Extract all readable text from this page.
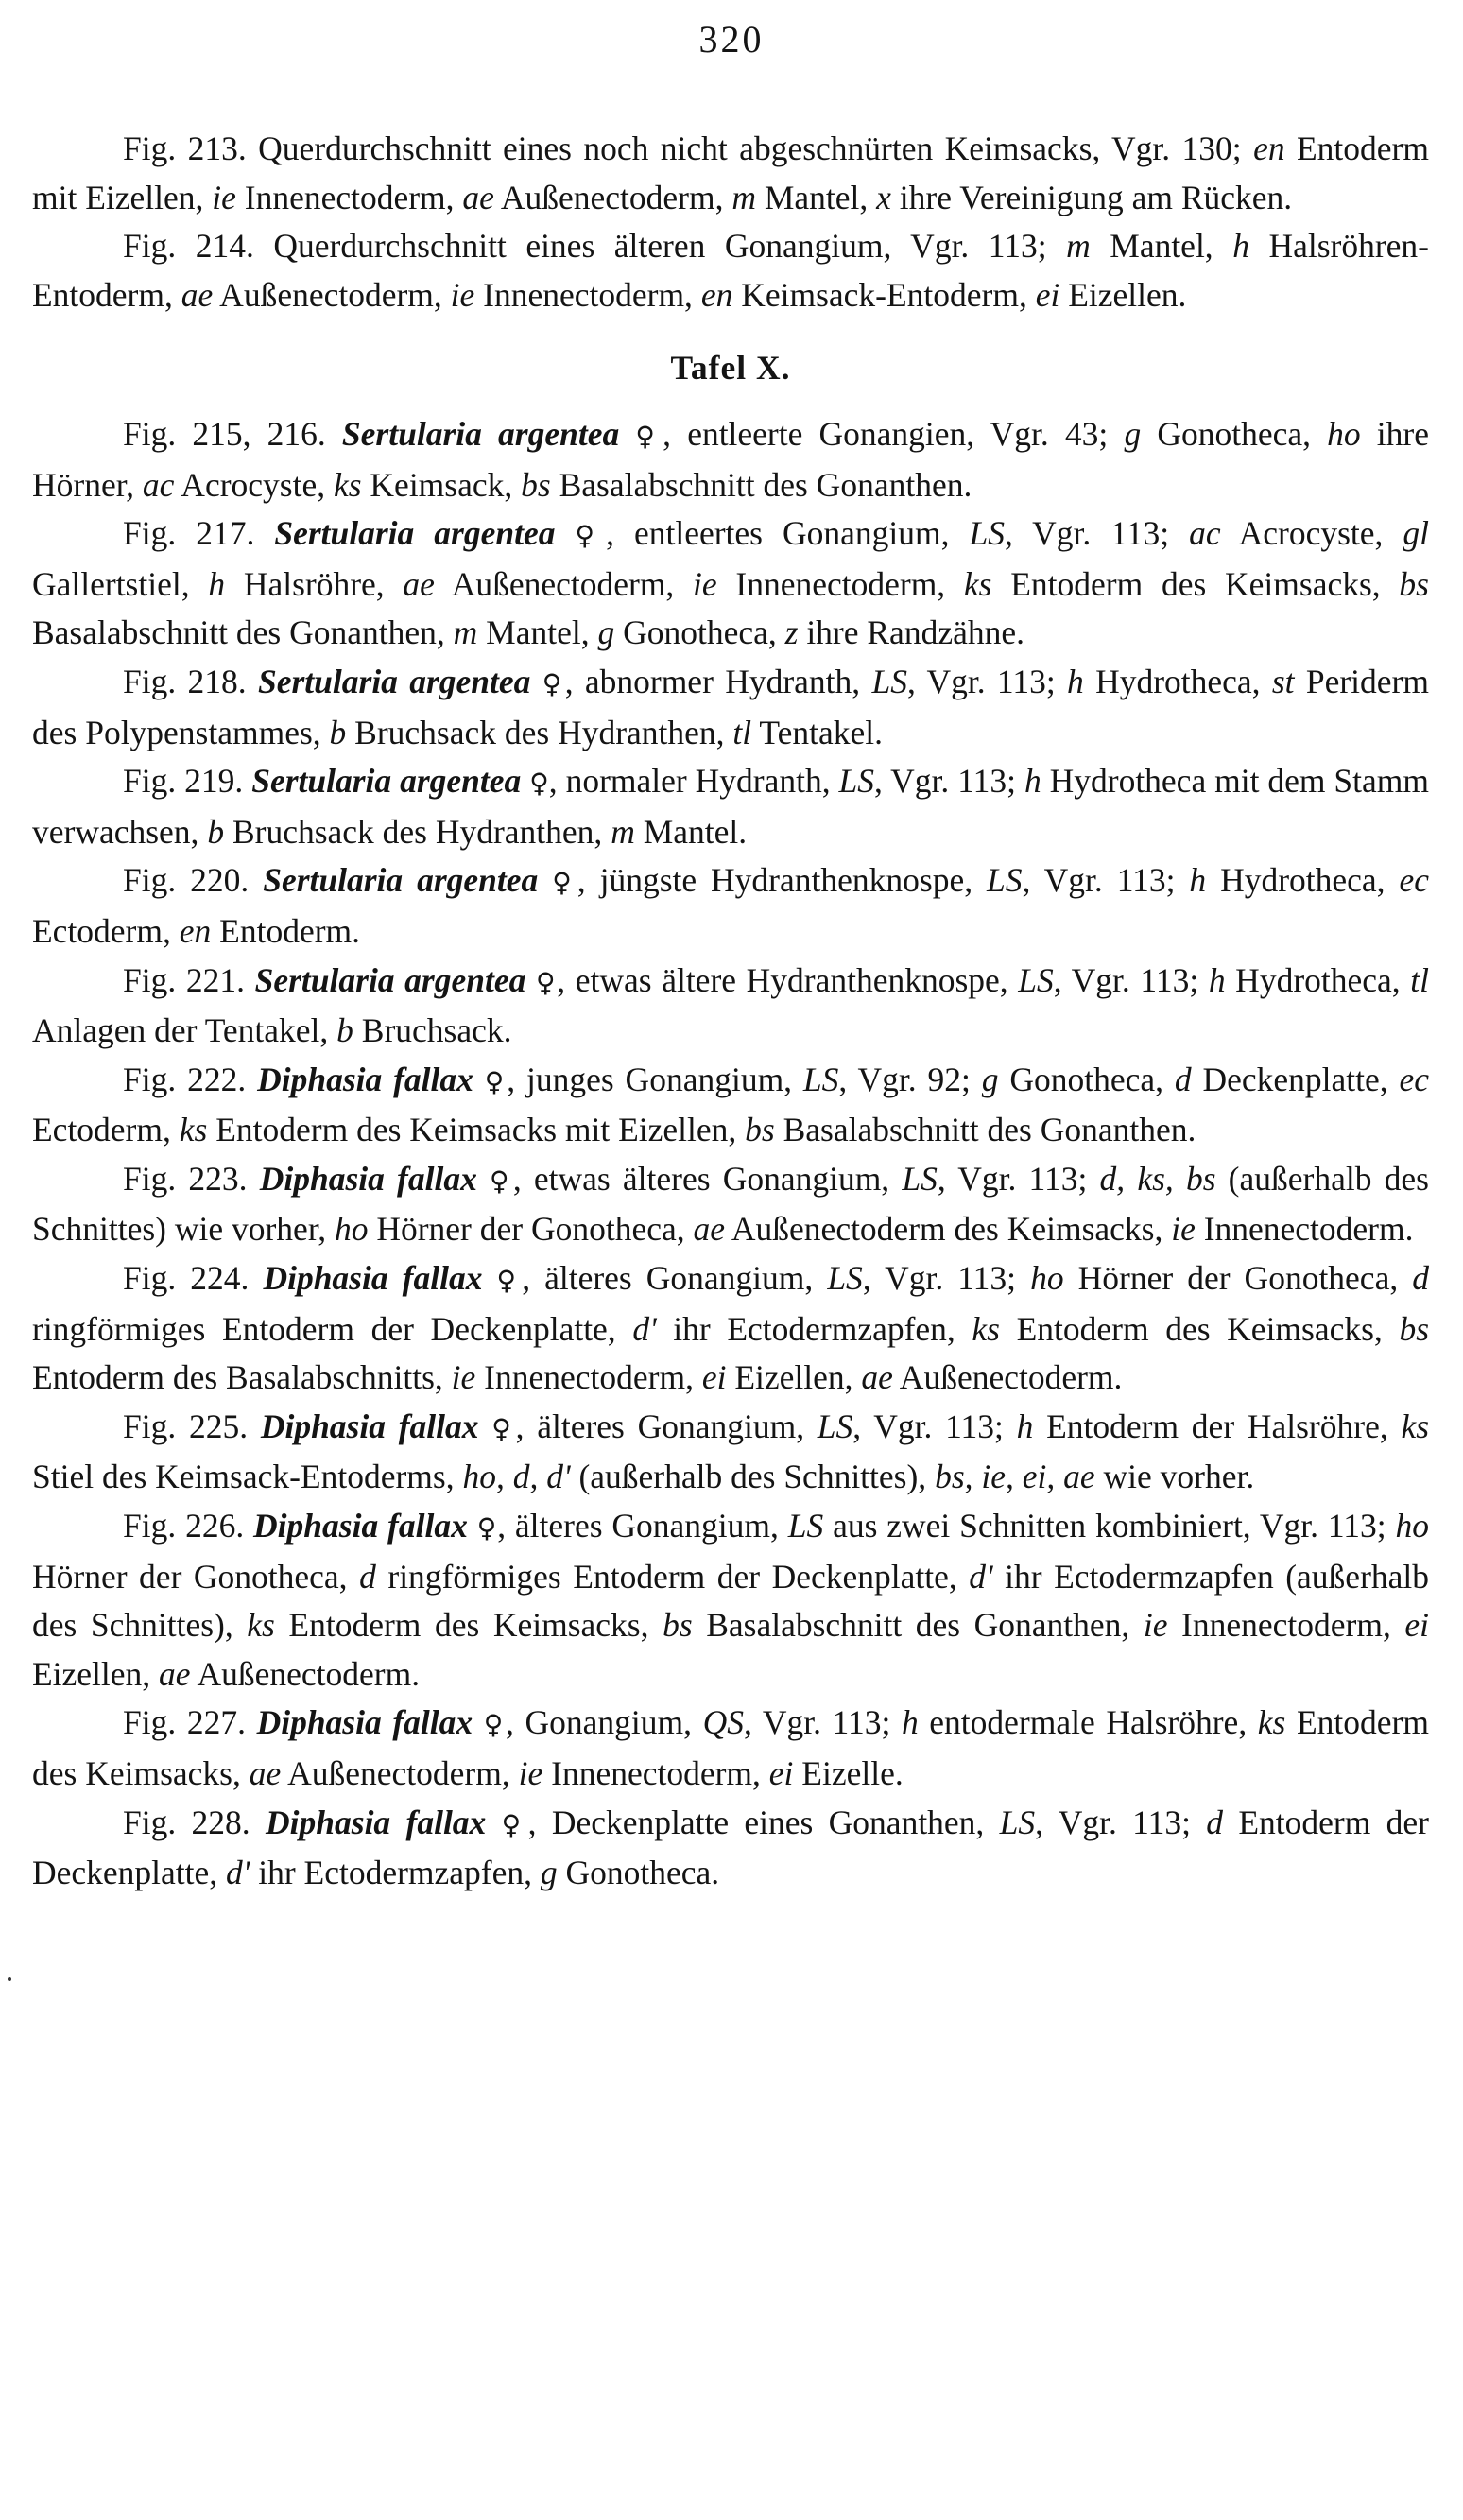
320

Fig. 213. Querdurchschnitt eines noch nicht abgeschnürten Keimsacks, Vgr. 130; en Entoderm mit Eizellen, ie Innenectoderm, ae Außenectoderm, m Mantel, x ihre Vereinigung am Rücken.

Fig. 214. Querdurchschnitt eines älteren Gonangium, Vgr. 113; m Mantel, h Halsröhren-Entoderm, ae Außenectoderm, ie Innenectoderm, en Keimsack-Entoderm, ei Eizellen.

Tafel X.

Fig. 215, 216. Sertularia argentea ♀, entleerte Gonangien, Vgr. 43; g Gonotheca, ho ihre Hörner, ac Acrocyste, ks Keimsack, bs Basalabschnitt des Gonanthen.

Fig. 217. Sertularia argentea ♀, entleertes Gonangium, LS, Vgr. 113; ac Acrocyste, gl Gallertstiel, h Halsröhre, ae Außenectoderm, ie Innenectoderm, ks Entoderm des Keimsacks, bs Basalabschnitt des Gonanthen, m Mantel, g Gonotheca, z ihre Randzähne.

Fig. 218. Sertularia argentea ♀, abnormer Hydranth, LS, Vgr. 113; h Hydrotheca, st Periderm des Polypenstammes, b Bruchsack des Hydranthen, tl Tentakel.

Fig. 219. Sertularia argentea ♀, normaler Hydranth, LS, Vgr. 113; h Hydrotheca mit dem Stamm verwachsen, b Bruchsack des Hydranthen, m Mantel.

Fig. 220. Sertularia argentea ♀, jüngste Hydranthenknospe, LS, Vgr. 113; h Hydrotheca, ec Ectoderm, en Entoderm.

Fig. 221. Sertularia argentea ♀, etwas ältere Hydranthenknospe, LS, Vgr. 113; h Hydrotheca, tl Anlagen der Tentakel, b Bruchsack.

Fig. 222. Diphasia fallax ♀, junges Gonangium, LS, Vgr. 92; g Gonotheca, d Deckenplatte, ec Ectoderm, ks Entoderm des Keimsacks mit Eizellen, bs Basalabschnitt des Gonanthen.

Fig. 223. Diphasia fallax ♀, etwas älteres Gonangium, LS, Vgr. 113; d, ks, bs (außerhalb des Schnittes) wie vorher, ho Hörner der Gonotheca, ae Außenectoderm des Keimsacks, ie Innenectoderm.

Fig. 224. Diphasia fallax ♀, älteres Gonangium, LS, Vgr. 113; ho Hörner der Gonotheca, d ringförmiges Entoderm der Deckenplatte, d' ihr Ectodermzapfen, ks Entoderm des Keimsacks, bs Entoderm des Basalabschnitts, ie Innenectoderm, ei Eizellen, ae Außenectoderm.

Fig. 225. Diphasia fallax ♀, älteres Gonangium, LS, Vgr. 113; h Entoderm der Halsröhre, ks Stiel des Keimsack-Entoderms, ho, d, d' (außerhalb des Schnittes), bs, ie, ei, ae wie vorher.

Fig. 226. Diphasia fallax ♀, älteres Gonangium, LS aus zwei Schnitten kombiniert, Vgr. 113; ho Hörner der Gonotheca, d ringförmiges Entoderm der Deckenplatte, d' ihr Ectodermzapfen (außerhalb des Schnittes), ks Entoderm des Keimsacks, bs Basalabschnitt des Gonanthen, ie Innenectoderm, ei Eizellen, ae Außenectoderm.

Fig. 227. Diphasia fallax ♀, Gonangium, QS, Vgr. 113; h entodermale Halsröhre, ks Entoderm des Keimsacks, ae Außenectoderm, ie Innenectoderm, ei Eizelle.

Fig. 228. Diphasia fallax ♀, Deckenplatte eines Gonanthen, LS, Vgr. 113; d Entoderm der Deckenplatte, d' ihr Ectodermzapfen, g Gonotheca.
